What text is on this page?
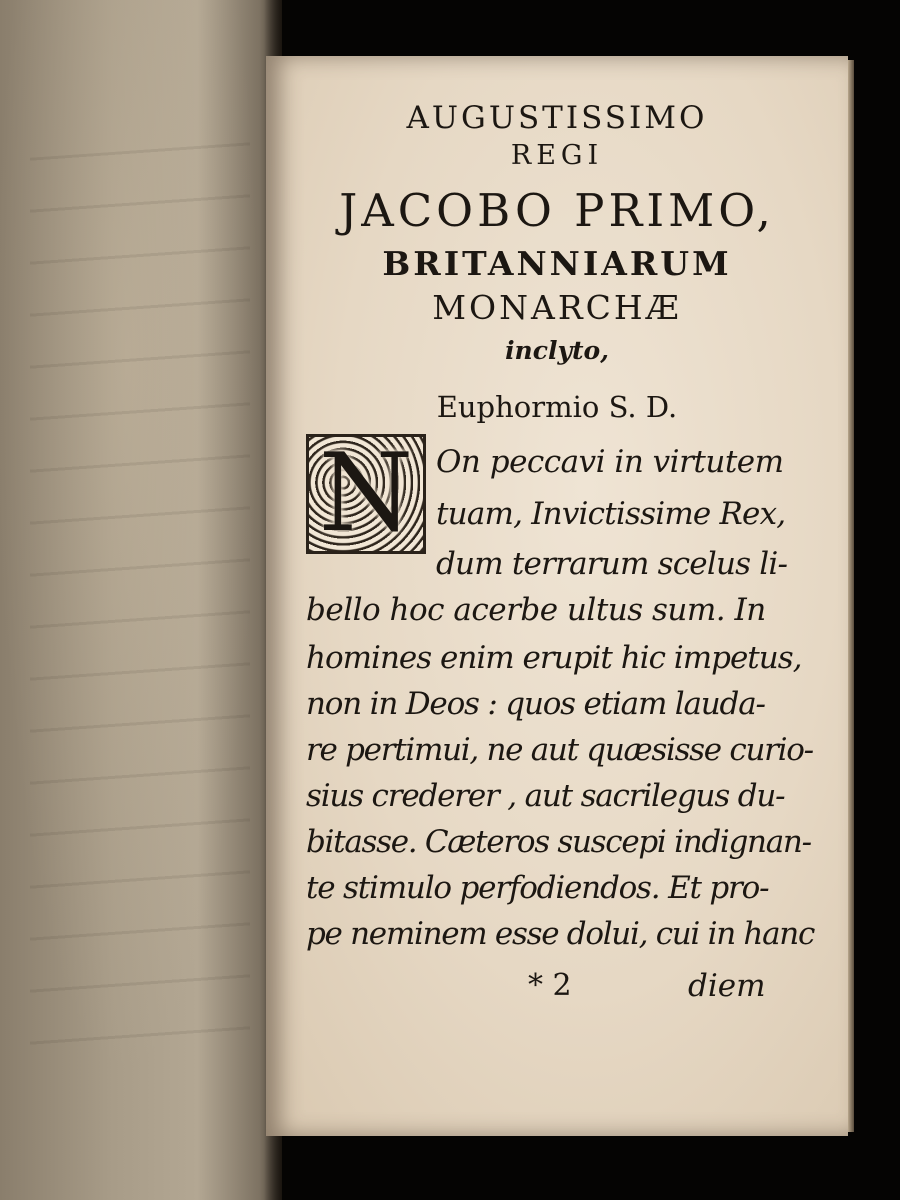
AUGUSTISSIMO
REGI
JACOBO PRIMO,
BRITANNIARUM
MONARCHÆ
inclyto,
Euphormio S. D.
N On peccavi in virtutem
tuam, Invictissime Rex,
dum terrarum scelus li-
bello hoc acerbe ultus sum. In
homines enim erupit hic impetus,
non in Deos : quos etiam lauda-
re pertimui, ne aut quæsisse curio-
sius crederer , aut sacrilegus du-
bitasse. Cæteros suscepi indignan-
te stimulo perfodiendos. Et pro-
pe neminem esse dolui, cui in hanc
* 2	diem
